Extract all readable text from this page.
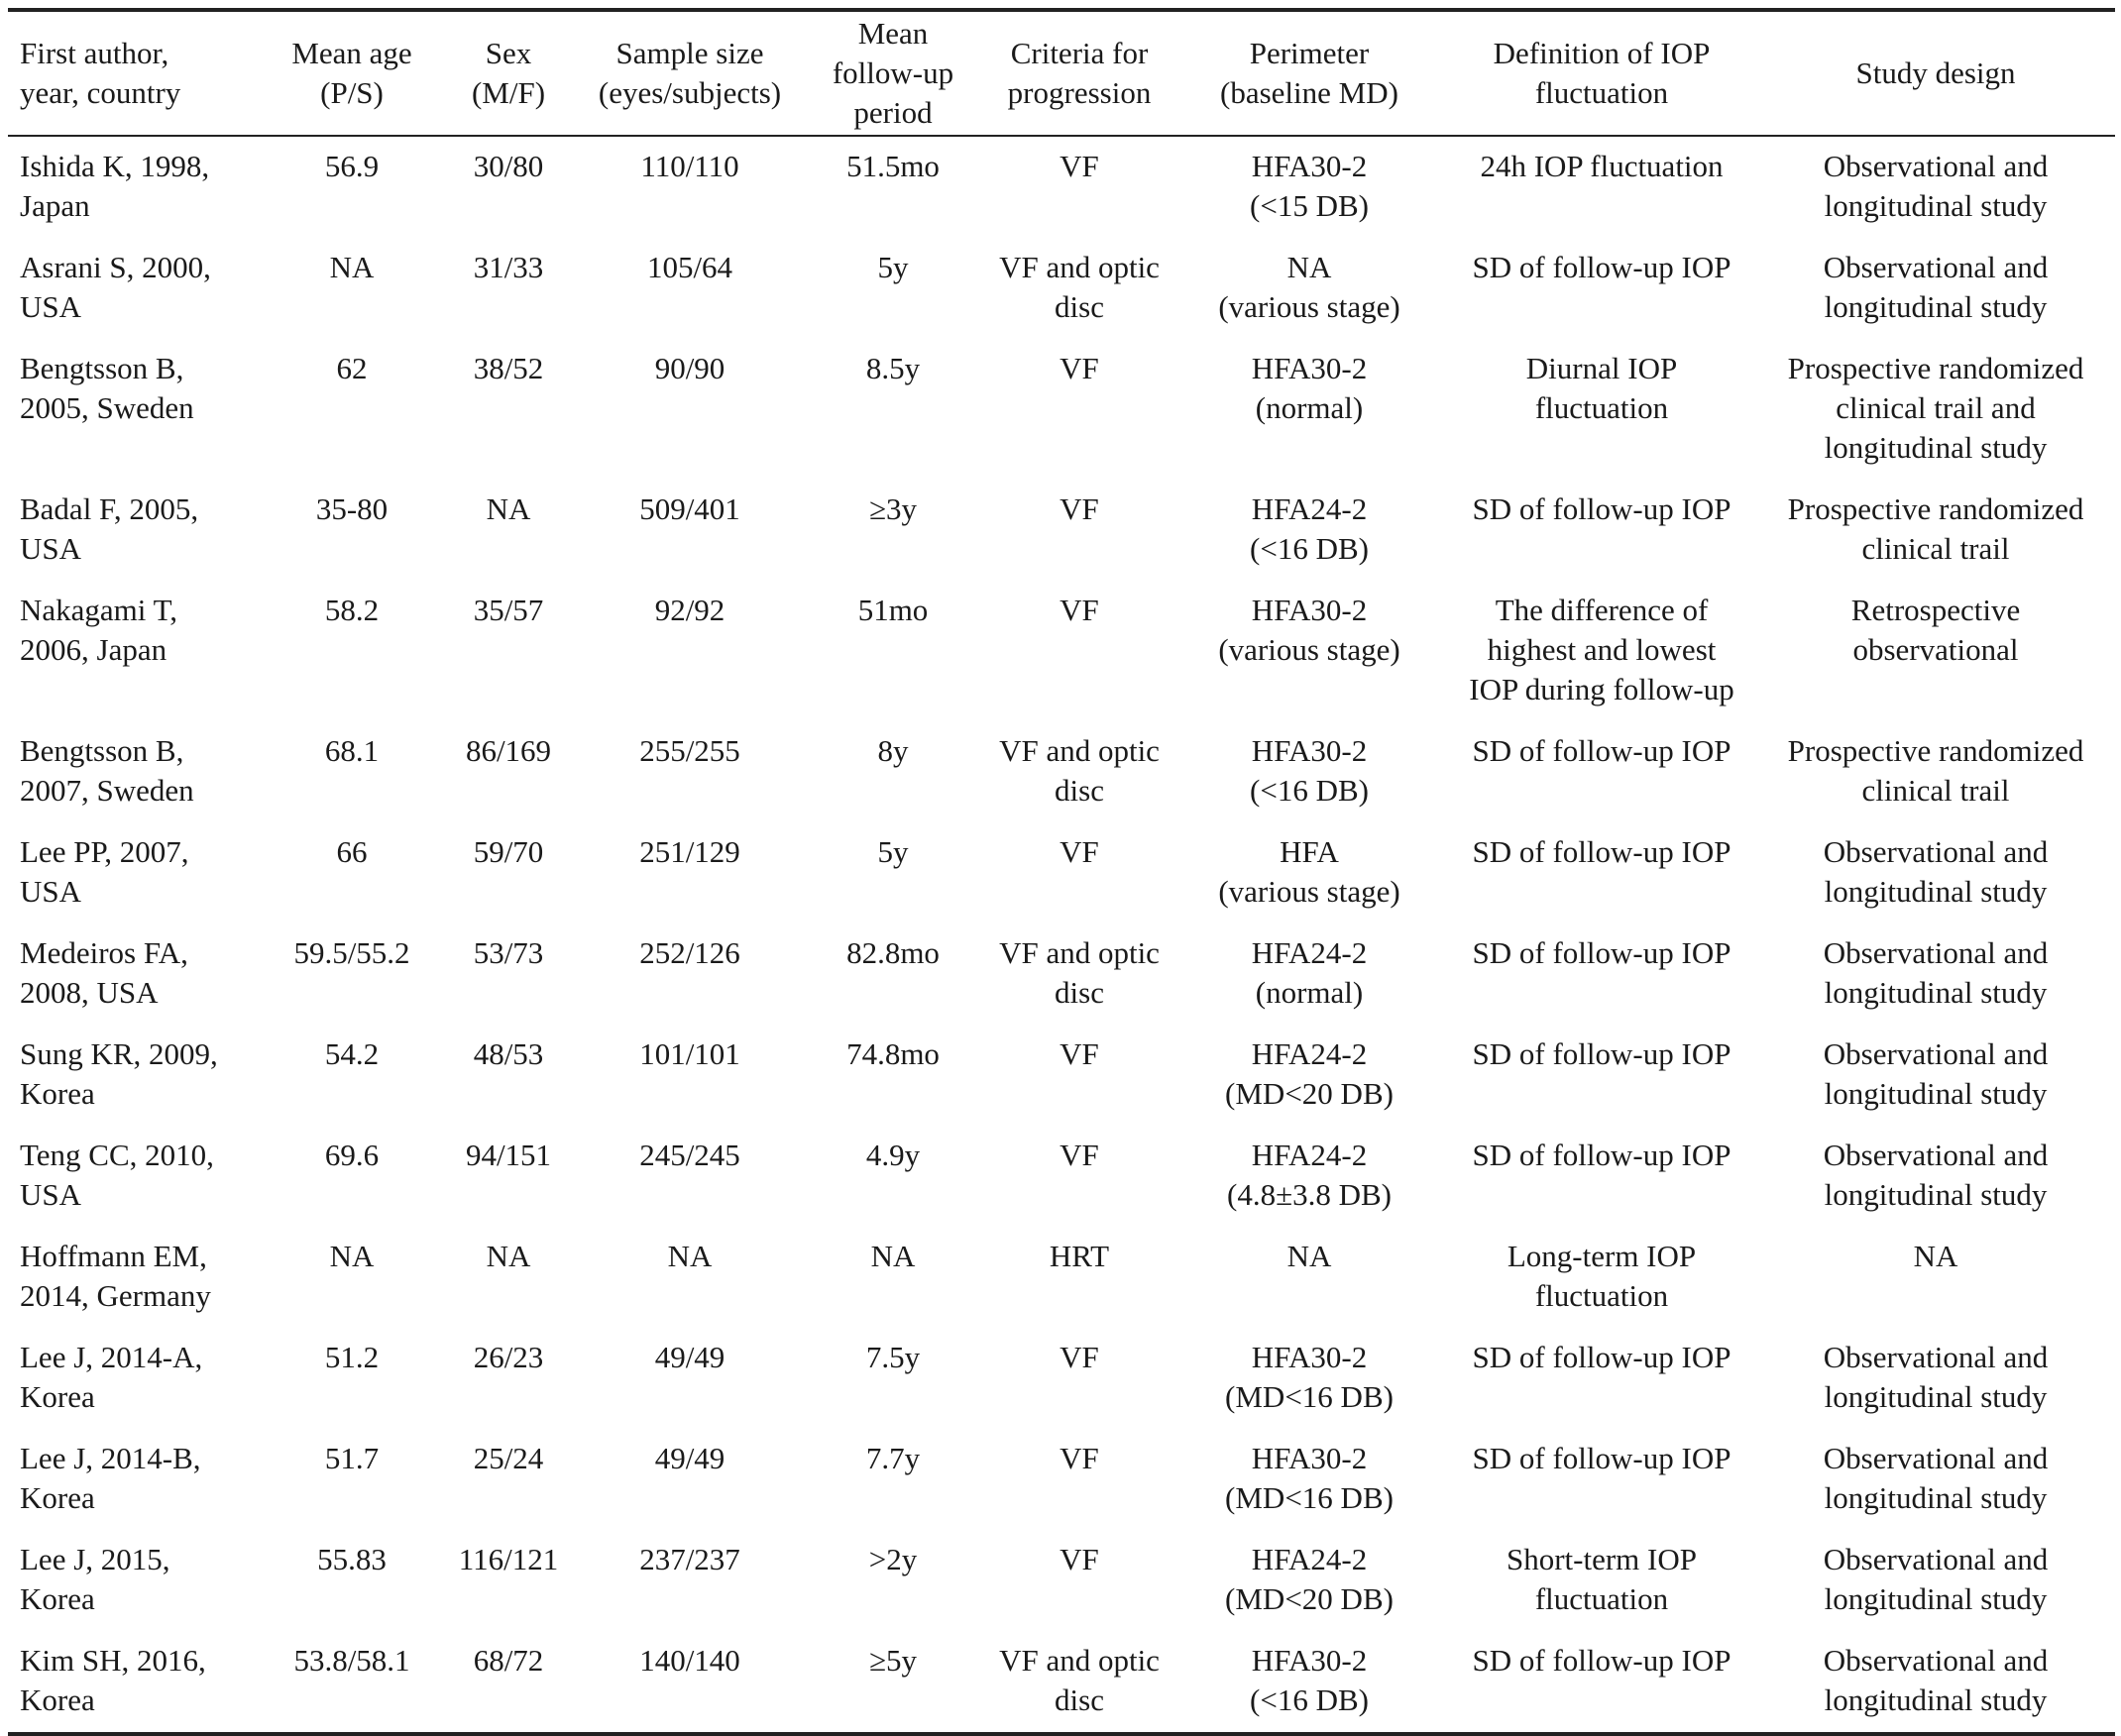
First author,
year, country	Mean age
(P/S)	Sex
(M/F)	Sample size
(eyes/subjects)	Mean
follow-up
period	Criteria for
progression	Perimeter
(baseline MD)	Definition of IOP
fluctuation	Study design

Ishida K, 1998,
Japan	56.9	30/80	110/110	51.5mo	VF	HFA30-2
(<15 DB)	24h IOP fluctuation	Observational and
longitudinal study

Asrani S, 2000,
USA	NA	31/33	105/64	5y	VF and optic
disc	NA
(various stage)	SD of follow-up IOP	Observational and
longitudinal study

Bengtsson B,
2005, Sweden	62	38/52	90/90	8.5y	VF	HFA30-2
(normal)	Diurnal IOP
fluctuation	Prospective randomized
clinical trail and
longitudinal study

Badal F, 2005,
USA	35-80	NA	509/401	≥3y	VF	HFA24-2
(<16 DB)	SD of follow-up IOP	Prospective randomized
clinical trail

Nakagami T,
2006, Japan	58.2	35/57	92/92	51mo	VF	HFA30-2
(various stage)	The difference of
highest and lowest
IOP during follow-up	Retrospective
observational

Bengtsson B,
2007, Sweden	68.1	86/169	255/255	8y	VF and optic
disc	HFA30-2
(<16 DB)	SD of follow-up IOP	Prospective randomized
clinical trail

Lee PP, 2007,
USA	66	59/70	251/129	5y	VF	HFA
(various stage)	SD of follow-up IOP	Observational and
longitudinal study

Medeiros FA,
2008, USA	59.5/55.2	53/73	252/126	82.8mo	VF and optic
disc	HFA24-2
(normal)	SD of follow-up IOP	Observational and
longitudinal study

Sung KR, 2009,
Korea	54.2	48/53	101/101	74.8mo	VF	HFA24-2
(MD<20 DB)	SD of follow-up IOP	Observational and
longitudinal study

Teng CC, 2010,
USA	69.6	94/151	245/245	4.9y	VF	HFA24-2
(4.8±3.8 DB)	SD of follow-up IOP	Observational and
longitudinal study

Hoffmann EM,
2014, Germany	NA	NA	NA	NA	HRT	NA	Long-term IOP
fluctuation	NA

Lee J, 2014-A,
Korea	51.2	26/23	49/49	7.5y	VF	HFA30-2
(MD<16 DB)	SD of follow-up IOP	Observational and
longitudinal study

Lee J, 2014-B,
Korea	51.7	25/24	49/49	7.7y	VF	HFA30-2
(MD<16 DB)	SD of follow-up IOP	Observational and
longitudinal study

Lee J, 2015,
Korea	55.83	116/121	237/237	>2y	VF	HFA24-2
(MD<20 DB)	Short-term IOP
fluctuation	Observational and
longitudinal study

Kim SH, 2016,
Korea	53.8/58.1	68/72	140/140	≥5y	VF and optic
disc	HFA30-2
(<16 DB)	SD of follow-up IOP	Observational and
longitudinal study
